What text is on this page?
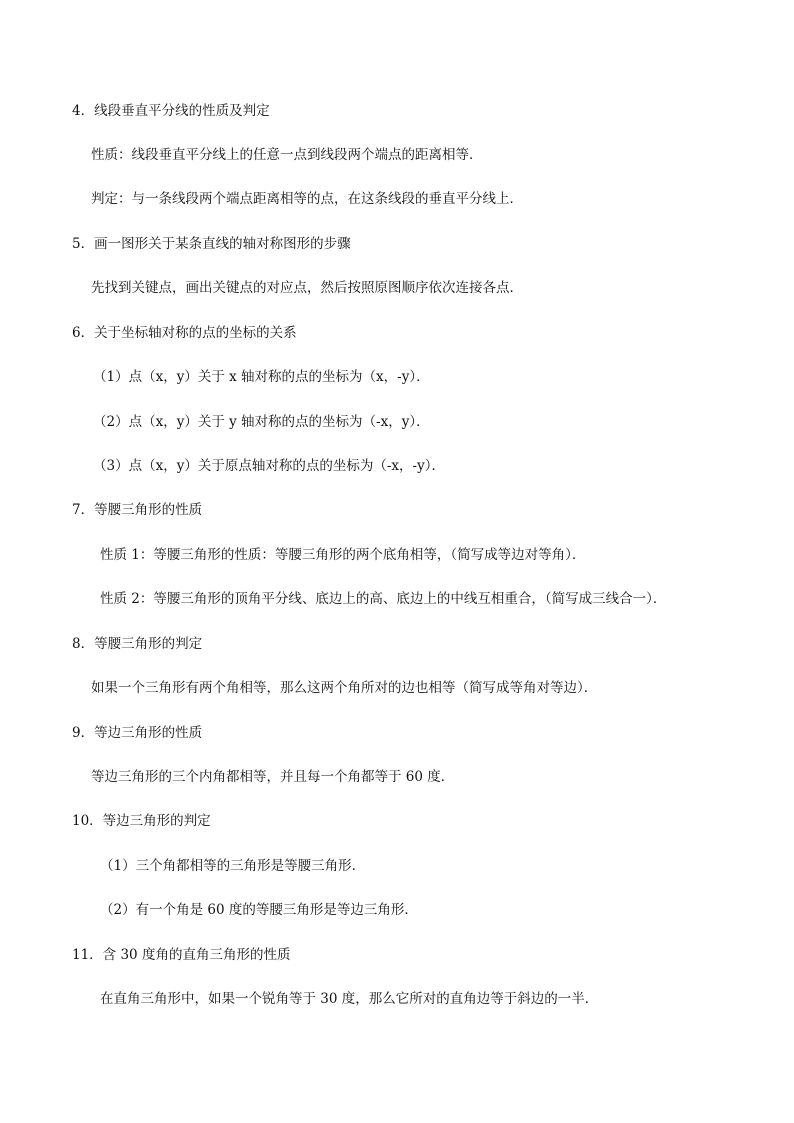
4．线段垂直平分线的性质及判定
性质：线段垂直平分线上的任意一点到线段两个端点的距离相等．
判定：与一条线段两个端点距离相等的点，在这条线段的垂直平分线上．
5．画一图形关于某条直线的轴对称图形的步骤
先找到关键点，画出关键点的对应点，然后按照原图顺序依次连接各点．
6．关于坐标轴对称的点的坐标的关系
（1）点（x，y）关于 x 轴对称的点的坐标为（x，-y）．
（2）点（x，y）关于 y 轴对称的点的坐标为（-x，y）．
（3）点（x，y）关于原点轴对称的点的坐标为（-x，-y）．
7．等腰三角形的性质
性质 1：等腰三角形的性质：等腰三角形的两个底角相等，（简写成等边对等角）．
性质 2：等腰三角形的顶角平分线、底边上的高、底边上的中线互相重合，（简写成三线合一）．
8．等腰三角形的判定
如果一个三角形有两个角相等，那么这两个角所对的边也相等（简写成等角对等边）．
9．等边三角形的性质
等边三角形的三个内角都相等，并且每一个角都等于 60 度．
10．等边三角形的判定
（1）三个角都相等的三角形是等腰三角形．
（2）有一个角是 60 度的等腰三角形是等边三角形．
11．含 30 度角的直角三角形的性质
在直角三角形中，如果一个锐角等于 30 度，那么它所对的直角边等于斜边的一半．
